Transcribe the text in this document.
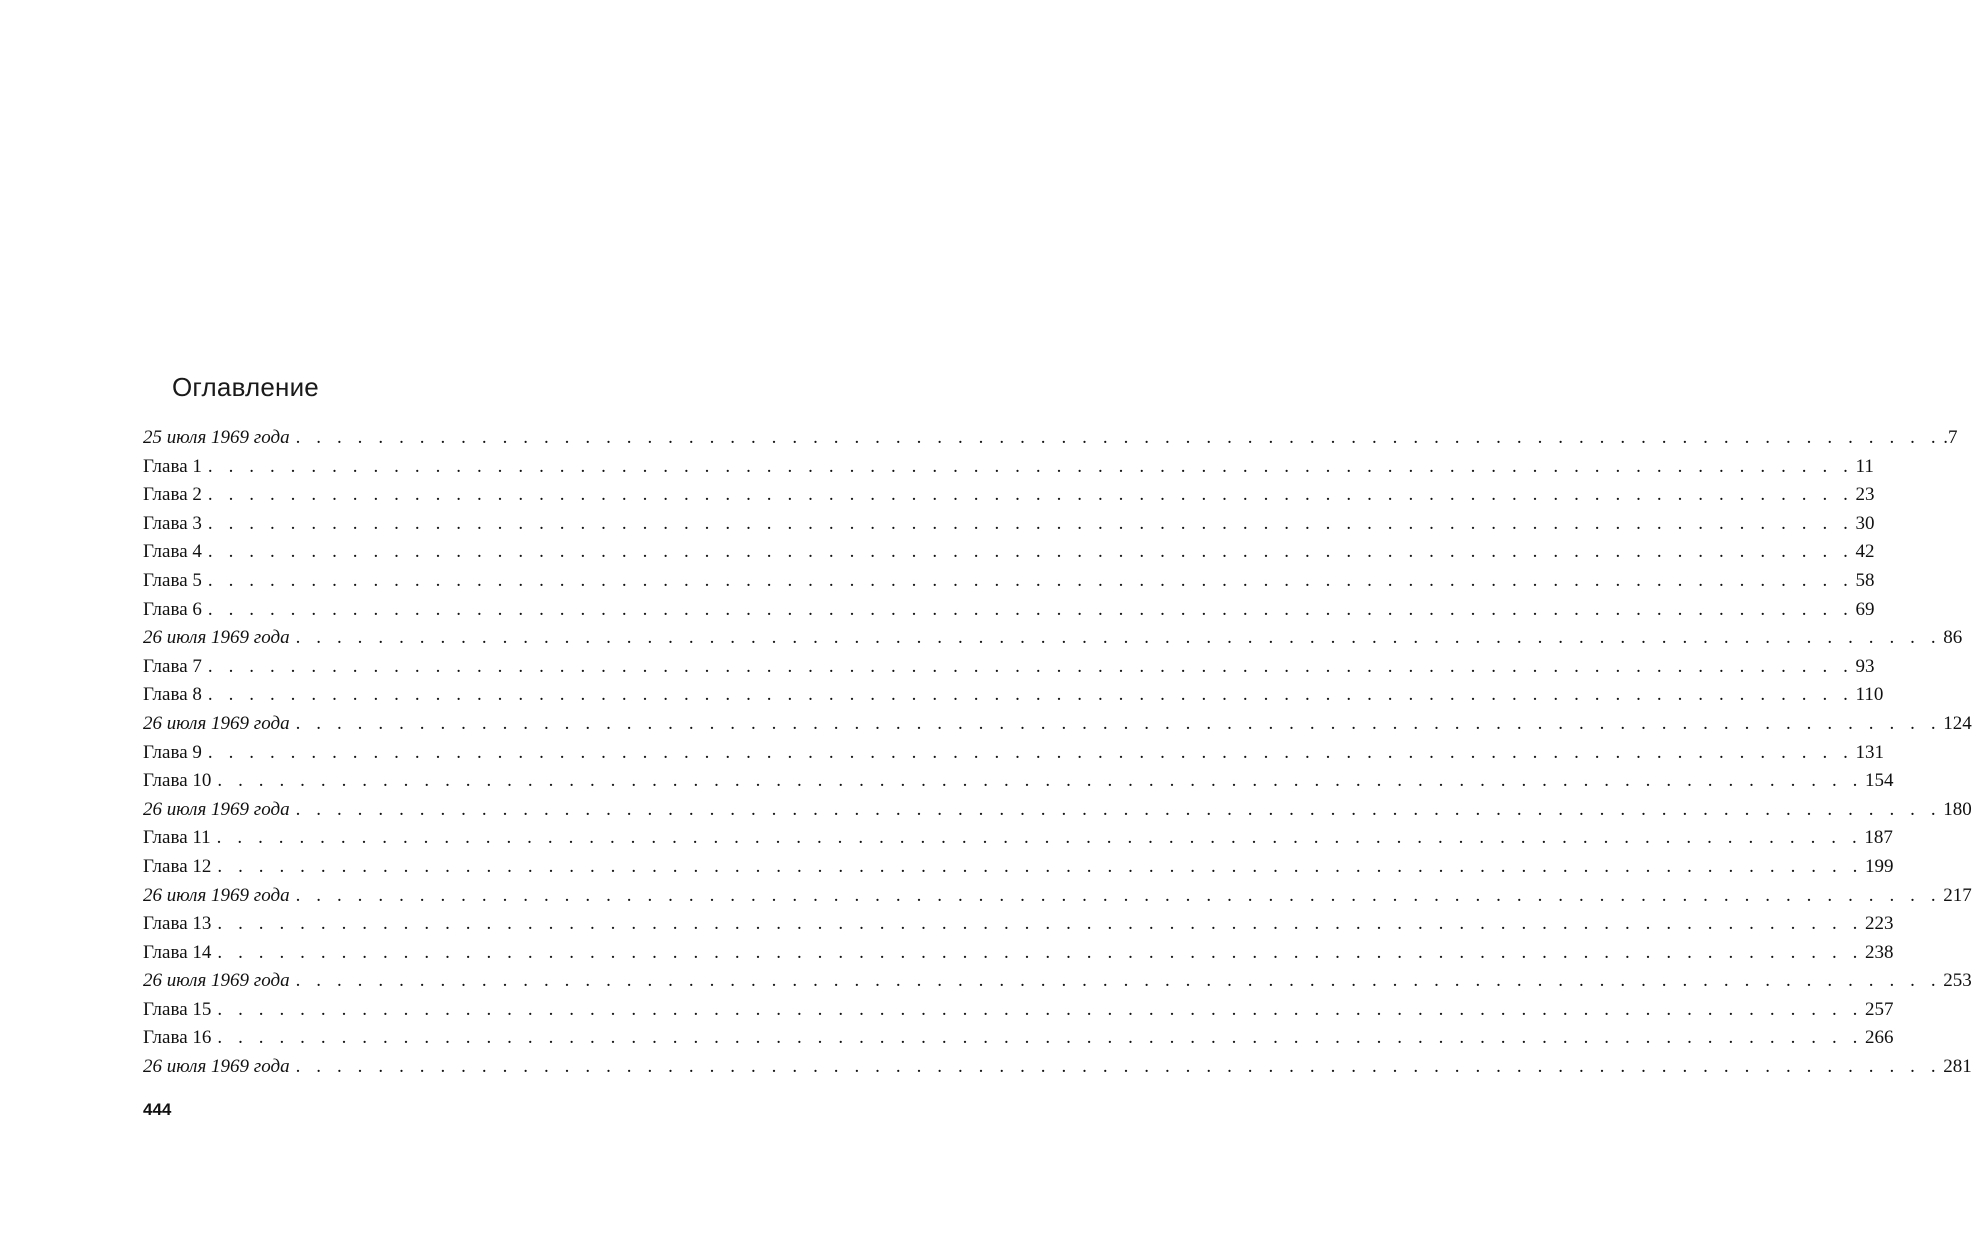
Оглавление
25 июля 1969 года . . . . . . . . . . . . . . . . . . . . . . . . . . . . . . . . . . . . . . . . . . . . . . . . . . . . . . . . . . . . . . . . . . . . . . . . . . . . . . . . .7
Глава 1 . . . . . . . . . . . . . . . . . . . . . . . . . . . . . . . . . . . . . . . . . . . . . . . . . . . . . . . . . . . . . . . . . . . . . . . . . . . . . . . . 11
Глава 2 . . . . . . . . . . . . . . . . . . . . . . . . . . . . . . . . . . . . . . . . . . . . . . . . . . . . . . . . . . . . . . . . . . . . . . . . . . . . . . . . 23
Глава 3 . . . . . . . . . . . . . . . . . . . . . . . . . . . . . . . . . . . . . . . . . . . . . . . . . . . . . . . . . . . . . . . . . . . . . . . . . . . . . . . . 30
Глава 4 . . . . . . . . . . . . . . . . . . . . . . . . . . . . . . . . . . . . . . . . . . . . . . . . . . . . . . . . . . . . . . . . . . . . . . . . . . . . . . . . 42
Глава 5 . . . . . . . . . . . . . . . . . . . . . . . . . . . . . . . . . . . . . . . . . . . . . . . . . . . . . . . . . . . . . . . . . . . . . . . . . . . . . . . . 58
Глава 6 . . . . . . . . . . . . . . . . . . . . . . . . . . . . . . . . . . . . . . . . . . . . . . . . . . . . . . . . . . . . . . . . . . . . . . . . . . . . . . . . 69
26 июля 1969 года . . . . . . . . . . . . . . . . . . . . . . . . . . . . . . . . . . . . . . . . . . . . . . . . . . . . . . . . . . . . . . . . . . . . . . . . . . . . . . . . 86
Глава 7 . . . . . . . . . . . . . . . . . . . . . . . . . . . . . . . . . . . . . . . . . . . . . . . . . . . . . . . . . . . . . . . . . . . . . . . . . . . . . . . . 93
Глава 8 . . . . . . . . . . . . . . . . . . . . . . . . . . . . . . . . . . . . . . . . . . . . . . . . . . . . . . . . . . . . . . . . . . . . . . . . . . . . . . . . 110
26 июля 1969 года . . . . . . . . . . . . . . . . . . . . . . . . . . . . . . . . . . . . . . . . . . . . . . . . . . . . . . . . . . . . . . . . . . . . . . . . . . . . . . . . 124
Глава 9 . . . . . . . . . . . . . . . . . . . . . . . . . . . . . . . . . . . . . . . . . . . . . . . . . . . . . . . . . . . . . . . . . . . . . . . . . . . . . . . . 131
Глава 10 . . . . . . . . . . . . . . . . . . . . . . . . . . . . . . . . . . . . . . . . . . . . . . . . . . . . . . . . . . . . . . . . . . . . . . . . . . . . . . . . 154
26 июля 1969 года . . . . . . . . . . . . . . . . . . . . . . . . . . . . . . . . . . . . . . . . . . . . . . . . . . . . . . . . . . . . . . . . . . . . . . . . . . . . . . . . 180
Глава 11 . . . . . . . . . . . . . . . . . . . . . . . . . . . . . . . . . . . . . . . . . . . . . . . . . . . . . . . . . . . . . . . . . . . . . . . . . . . . . . . . 187
Глава 12 . . . . . . . . . . . . . . . . . . . . . . . . . . . . . . . . . . . . . . . . . . . . . . . . . . . . . . . . . . . . . . . . . . . . . . . . . . . . . . . . 199
26 июля 1969 года . . . . . . . . . . . . . . . . . . . . . . . . . . . . . . . . . . . . . . . . . . . . . . . . . . . . . . . . . . . . . . . . . . . . . . . . . . . . . . . . 217
Глава 13 . . . . . . . . . . . . . . . . . . . . . . . . . . . . . . . . . . . . . . . . . . . . . . . . . . . . . . . . . . . . . . . . . . . . . . . . . . . . . . . . 223
Глава 14 . . . . . . . . . . . . . . . . . . . . . . . . . . . . . . . . . . . . . . . . . . . . . . . . . . . . . . . . . . . . . . . . . . . . . . . . . . . . . . . . 238
26 июля 1969 года . . . . . . . . . . . . . . . . . . . . . . . . . . . . . . . . . . . . . . . . . . . . . . . . . . . . . . . . . . . . . . . . . . . . . . . . . . . . . . . . 253
Глава 15 . . . . . . . . . . . . . . . . . . . . . . . . . . . . . . . . . . . . . . . . . . . . . . . . . . . . . . . . . . . . . . . . . . . . . . . . . . . . . . . . 257
Глава 16 . . . . . . . . . . . . . . . . . . . . . . . . . . . . . . . . . . . . . . . . . . . . . . . . . . . . . . . . . . . . . . . . . . . . . . . . . . . . . . . . 266
26 июля 1969 года . . . . . . . . . . . . . . . . . . . . . . . . . . . . . . . . . . . . . . . . . . . . . . . . . . . . . . . . . . . . . . . . . . . . . . . . . . . . . . . . 281
444
